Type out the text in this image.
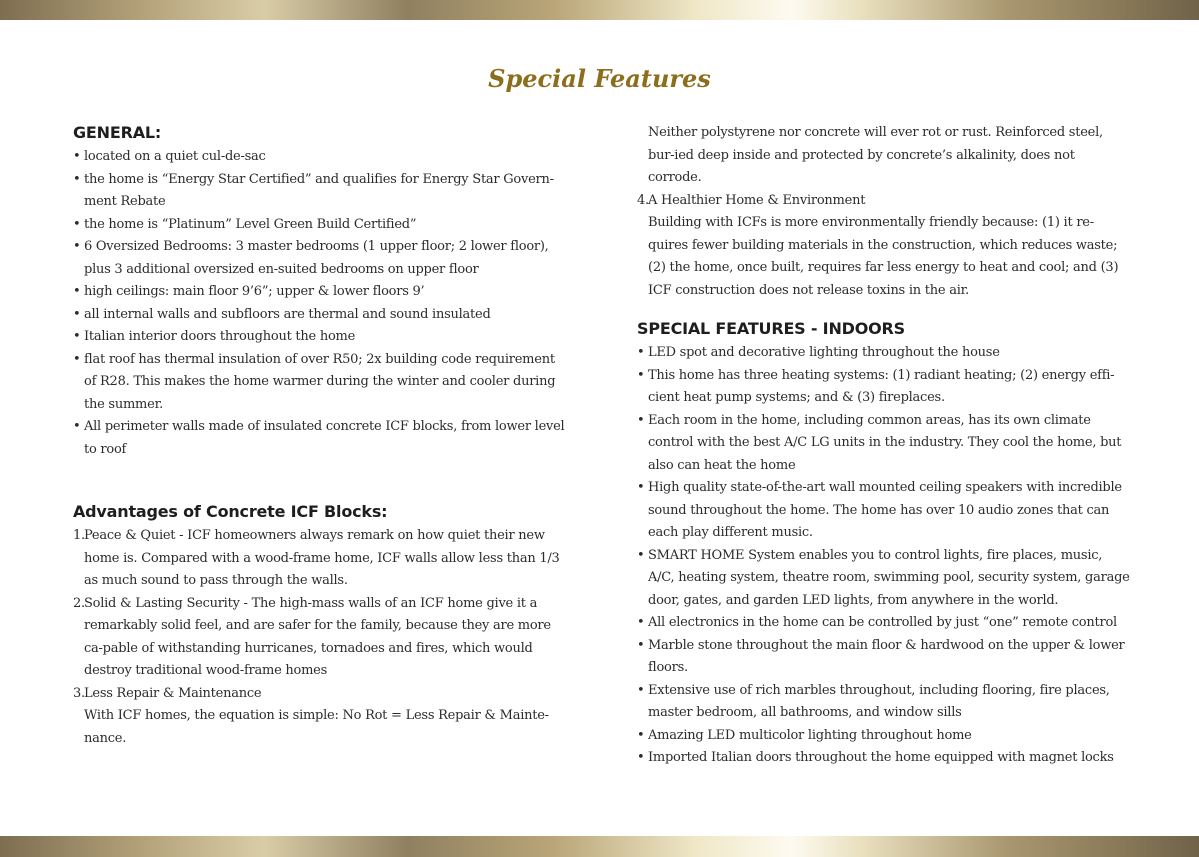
Special Features
GENERAL:
• located on a quiet cul-de-sac
• the home is “Energy Star Certified” and qualifies for Energy Star Govern-ment Rebate
• the home is “Platinum” Level Green Build Certified”
• 6 Oversized Bedrooms: 3 master bedrooms (1 upper floor; 2 lower floor), plus 3 additional oversized en-suited bedrooms on upper floor
• high ceilings: main floor 9’6”; upper & lower floors 9’
• all internal walls and subfloors are thermal and sound insulated
• Italian interior doors throughout the home
• flat roof has thermal insulation of over R50; 2x building code requirement of R28. This makes the home warmer during the winter and cooler during the summer.
• All perimeter walls made of insulated concrete ICF blocks, from lower level to roof
Advantages of Concrete ICF Blocks:
1. Peace & Quiet - ICF homeowners always remark on how quiet their new home is. Compared with a wood-frame home, ICF walls allow less than 1/3 as much sound to pass through the walls.
2. Solid & Lasting Security - The high-mass walls of an ICF home give it a remarkably solid feel, and are safer for the family, because they are more ca-pable of withstanding hurricanes, tornadoes and fires, which would destroy traditional wood-frame homes
3. Less Repair & Maintenance
With ICF homes, the equation is simple: No Rot = Less Repair & Mainte-nance.
Neither polystyrene nor concrete will ever rot or rust. Reinforced steel, bur-ied deep inside and protected by concrete’s alkalinity, does not corrode.
4. A Healthier Home & Environment
Building with ICFs is more environmentally friendly because: (1) it re-quires fewer building materials in the construction, which reduces waste; (2) the home, once built, requires far less energy to heat and cool; and (3) ICF construction does not release toxins in the air.
SPECIAL FEATURES - INDOORS
• LED spot and decorative lighting throughout the house
• This home has three heating systems: (1) radiant heating; (2) energy effi-cient heat pump systems; and & (3) fireplaces.
• Each room in the home, including common areas, has its own climate control with the best A/C LG units in the industry. They cool the home, but also can heat the home
• High quality state-of-the-art wall mounted ceiling speakers with incredible sound throughout the home. The home has over 10 audio zones that can each play different music.
• SMART HOME System enables you to control lights, fire places, music, A/C, heating system, theatre room, swimming pool, security system, garage door, gates, and garden LED lights, from anywhere in the world.
• All electronics in the home can be controlled by just “one” remote control
• Marble stone throughout the main floor & hardwood on the upper & lower floors.
• Extensive use of rich marbles throughout, including flooring, fire places, master bedroom, all bathrooms, and window sills
• Amazing LED multicolor lighting throughout home
• Imported Italian doors throughout the home equipped with magnet locks
